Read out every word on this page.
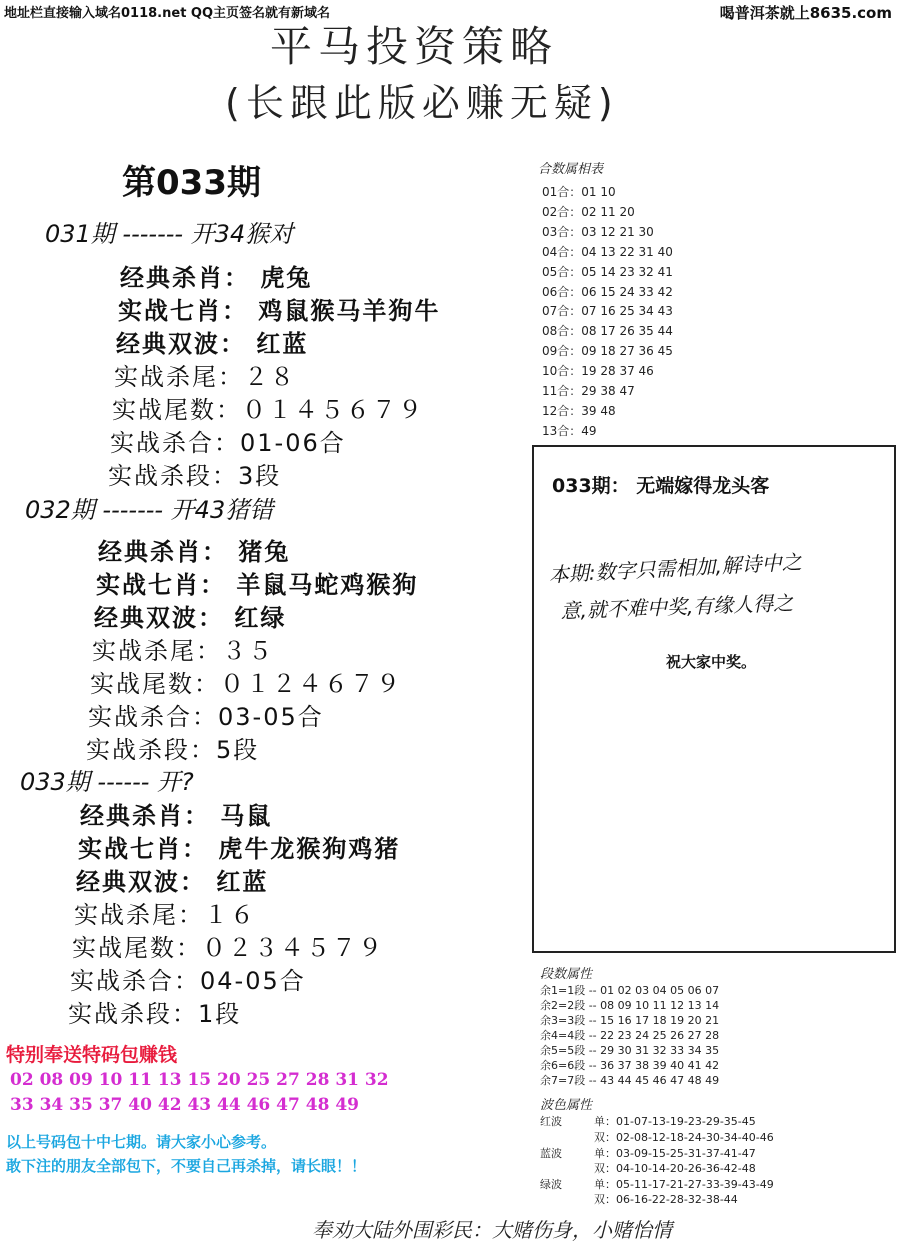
地址栏直接输入域名0118.net QQ主页签名就有新域名	喝普洱茶就上8635.com
平马投资策略
(长跟此版必赚无疑)
第033期
031期 ------- 开34猴对
经典杀肖： 虎兔
实战七肖： 鸡鼠猴马羊狗牛
经典双波： 红蓝
实战杀尾：２８
实战尾数：０１４５６７９
实战杀合：01-06合
实战杀段：3段
032期 ------- 开43猪错
经典杀肖： 猪兔
实战七肖： 羊鼠马蛇鸡猴狗
经典双波： 红绿
实战杀尾：３５
实战尾数：０１２４６７９
实战杀合：03-05合
实战杀段：5段
033期 ------ 开?
经典杀肖： 马鼠
实战七肖： 虎牛龙猴狗鸡猪
经典双波： 红蓝
实战杀尾：１６
实战尾数：０２３４５７９
实战杀合：04-05合
实战杀段：1段
合数属相表
01合：01 10
02合：02 11 20
03合：03 12 21 30
04合：04 13 22 31 40
05合：05 14 23 32 41
06合：06 15 24 33 42
07合：07 16 25 34 43
08合：08 17 26 35 44
09合：09 18 27 36 45
10合：19 28 37 46
11合：29 38 47
12合：39 48
13合：49
033期： 无端嫁得龙头客
本期:数字只需相加,解诗中之
意,就不难中奖,有缘人得之
祝大家中奖。
段数属性
余1=1段 -- 01 02 03 04 05 06 07
余2=2段 -- 08 09 10 11 12 13 14
余3=3段 -- 15 16 17 18 19 20 21
余4=4段 -- 22 23 24 25 26 27 28
余5=5段 -- 29 30 31 32 33 34 35
余6=6段 -- 36 37 38 39 40 41 42
余7=7段 -- 43 44 45 46 47 48 49
波色属性
红波	单：01-07-13-19-23-29-35-45
双：02-08-12-18-24-30-34-40-46
蓝波	单：03-09-15-25-31-37-41-47
双：04-10-14-20-26-36-42-48
绿波	单：05-11-17-21-27-33-39-43-49
双：06-16-22-28-32-38-44
特别奉送特码包赚钱
02 08 09 10 11 13 15 20 25 27 28 31 32
33 34 35 37 40 42 43 44 46 47 48 49
以上号码包十中七期。请大家小心参考。
敢下注的朋友全部包下，不要自己再杀掉，请长眼！！
奉劝大陆外围彩民：大赌伤身，小赌怡情
